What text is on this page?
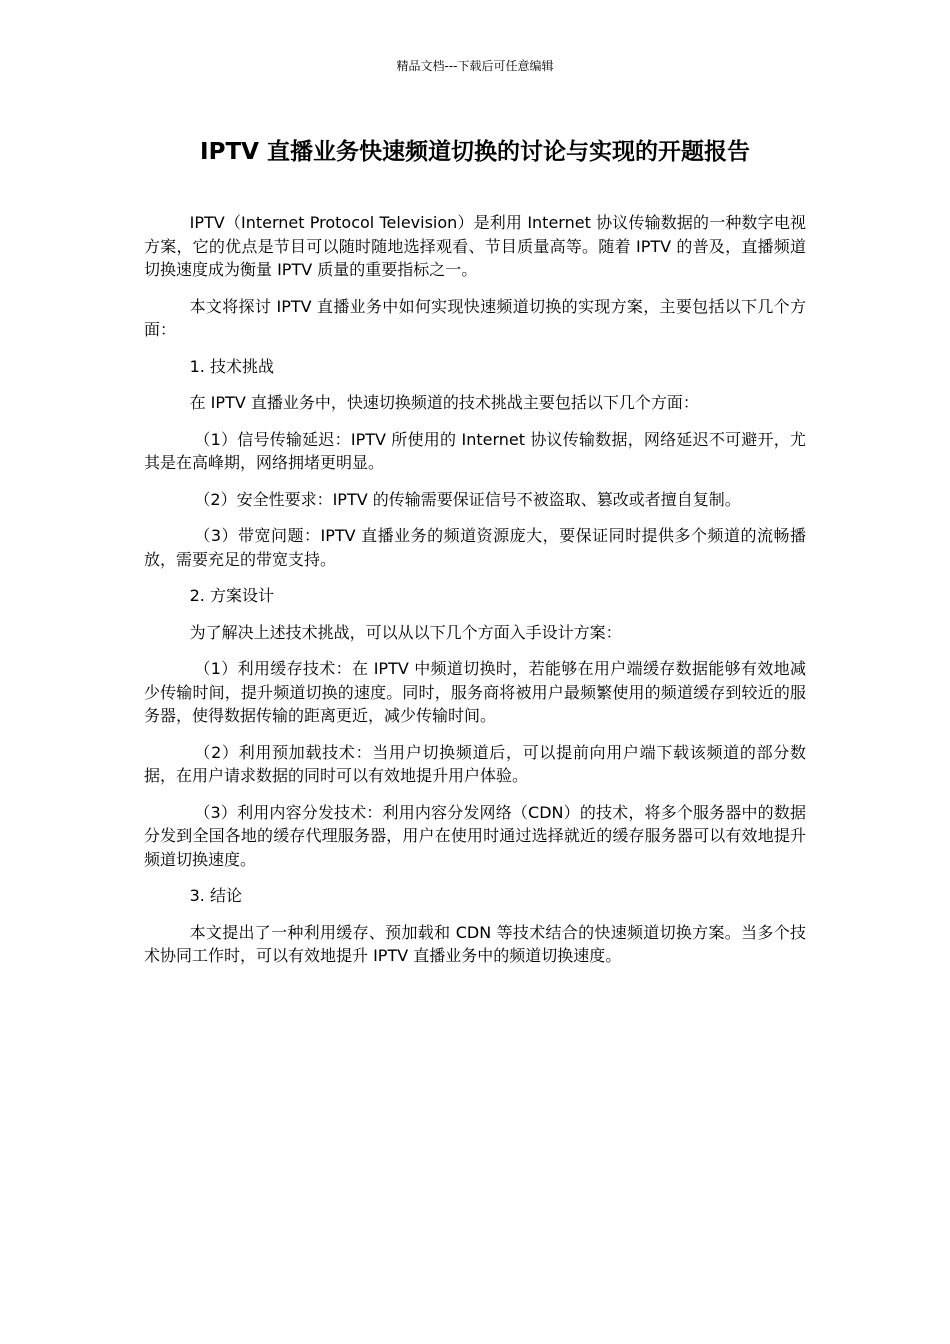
精品文档---下载后可任意编辑
IPTV 直播业务快速频道切换的讨论与实现的开题报告

IPTV（Internet Protocol Television）是利用 Internet 协议传输数据的一种数字电视方案，它的优点是节目可以随时随地选择观看、节目质量高等。随着 IPTV 的普及，直播频道切换速度成为衡量 IPTV 质量的重要指标之一。

本文将探讨 IPTV 直播业务中如何实现快速频道切换的实现方案，主要包括以下几个方面：

1. 技术挑战

在 IPTV 直播业务中，快速切换频道的技术挑战主要包括以下几个方面：

（1）信号传输延迟：IPTV 所使用的 Internet 协议传输数据，网络延迟不可避开，尤其是在高峰期，网络拥堵更明显。

（2）安全性要求：IPTV 的传输需要保证信号不被盗取、篡改或者擅自复制。

（3）带宽问题：IPTV 直播业务的频道资源庞大，要保证同时提供多个频道的流畅播放，需要充足的带宽支持。

2. 方案设计

为了解决上述技术挑战，可以从以下几个方面入手设计方案：

（1）利用缓存技术：在 IPTV 中频道切换时，若能够在用户端缓存数据能够有效地减少传输时间，提升频道切换的速度。同时，服务商将被用户最频繁使用的频道缓存到较近的服务器，使得数据传输的距离更近，减少传输时间。

（2）利用预加载技术：当用户切换频道后，可以提前向用户端下载该频道的部分数据，在用户请求数据的同时可以有效地提升用户体验。

（3）利用内容分发技术：利用内容分发网络（CDN）的技术，将多个服务器中的数据分发到全国各地的缓存代理服务器，用户在使用时通过选择就近的缓存服务器可以有效地提升频道切换速度。

3. 结论

本文提出了一种利用缓存、预加载和 CDN 等技术结合的快速频道切换方案。当多个技术协同工作时，可以有效地提升 IPTV 直播业务中的频道切换速度。
